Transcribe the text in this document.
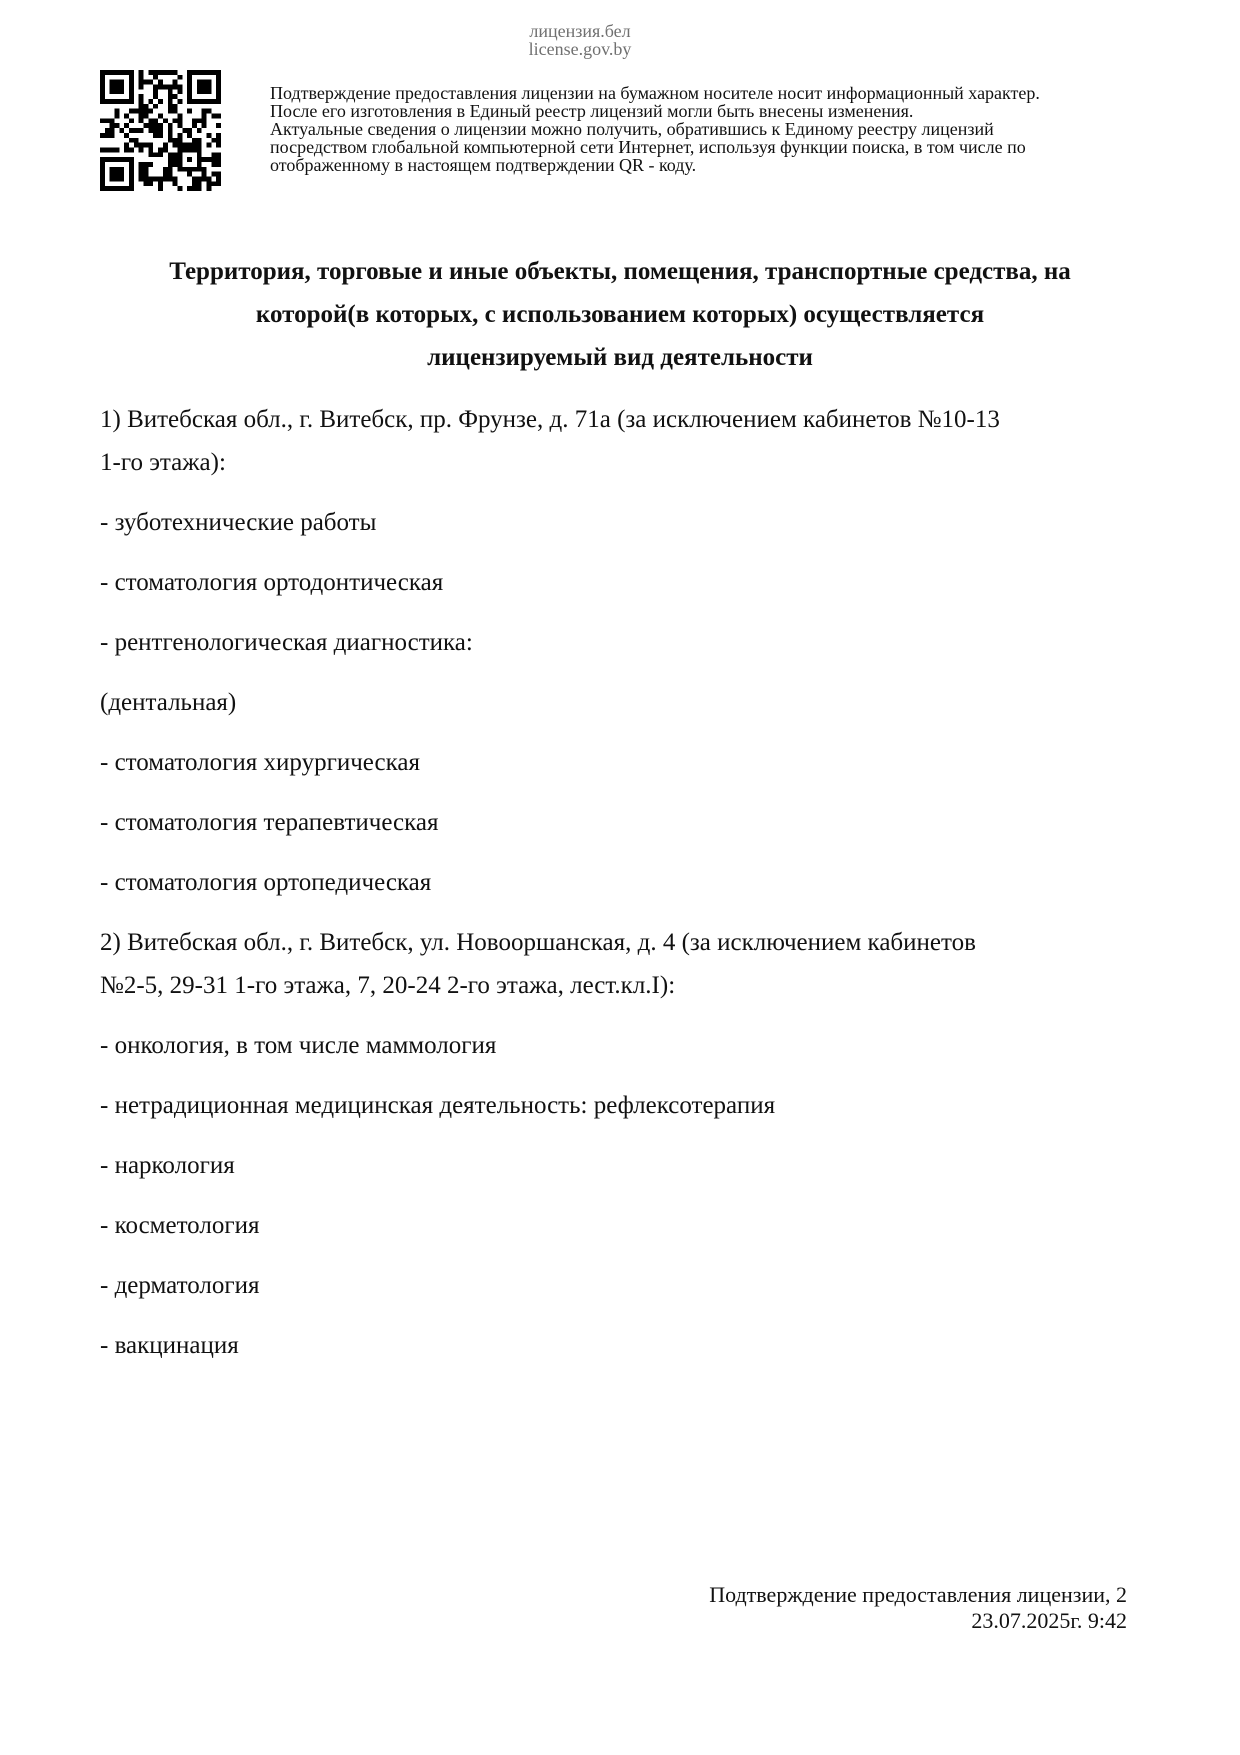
лицензия.бел
license.gov.by
Подтверждение предоставления лицензии на бумажном носителе носит информационный характер.
После его изготовления в Единый реестр лицензий могли быть внесены изменения.
Актуальные сведения о лицензии можно получить, обратившись к Единому реестру лицензий
посредством глобальной компьютерной сети Интернет, используя функции поиска, в том числе по
отображенному в настоящем подтверждении QR - коду.
Территория, торговые и иные объекты, помещения, транспортные средства, на
которой(в которых, с использованием которых) осуществляется
лицензируемый вид деятельности

1) Витебская обл., г. Витебск, пр. Фрунзе, д. 71а (за исключением кабинетов №10-13

1-го этажа):

- зуботехнические работы

- стоматология ортодонтическая

- рентгенологическая диагностика:

(дентальная)

- стоматология хирургическая

- стоматология терапевтическая

- стоматология ортопедическая

2) Витебская обл., г. Витебск, ул. Новооршанская, д. 4 (за исключением кабинетов

№2-5, 29-31 1-го этажа, 7, 20-24 2-го этажа, лест.кл.I):

- онкология, в том числе маммология

- нетрадиционная медицинская деятельность: рефлексотерапия

- наркология

- косметология

- дерматология

- вакцинация

Подтверждение предоставления лицензии, 2
23.07.2025г. 9:42
